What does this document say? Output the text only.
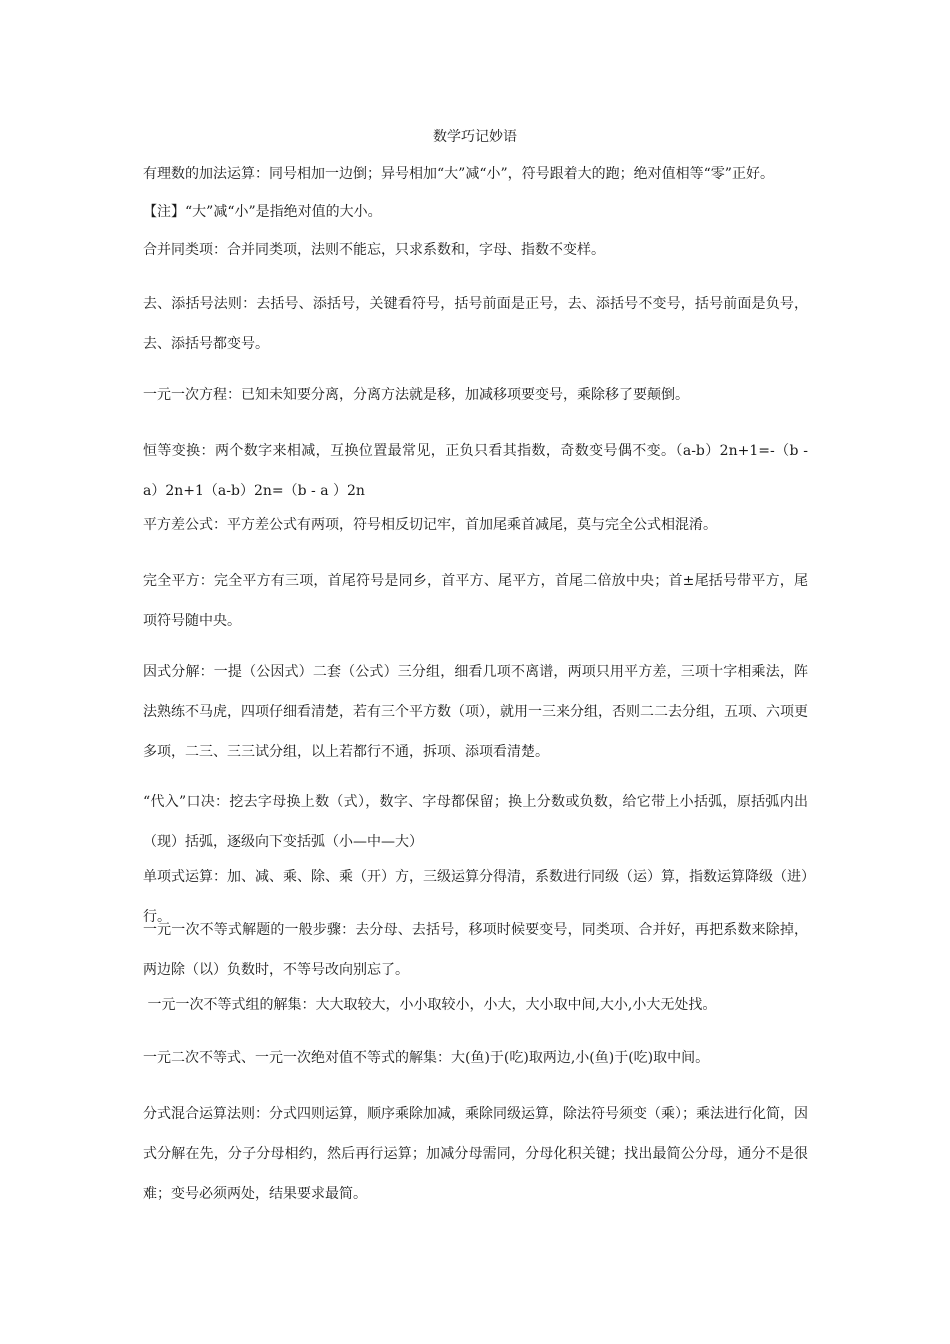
数学巧记妙语
有理数的加法运算：同号相加一边倒；异号相加“大”减“小”，符号跟着大的跑；绝对值相等“零”正好。
【注】“大”减“小”是指绝对值的大小。
合并同类项：合并同类项，法则不能忘，只求系数和，字母、指数不变样。
去、添括号法则：去括号、添括号，关键看符号，括号前面是正号，去、添括号不变号，括号前面是负号，去、添括号都变号。
一元一次方程：已知未知要分离，分离方法就是移，加减移项要变号，乘除移了要颠倒。
恒等变换：两个数字来相减，互换位置最常见，正负只看其指数，奇数变号偶不变。（a-b）2n+1=-（b - a）2n+1（a-b）2n=（b - a ）2n
平方差公式：平方差公式有两项，符号相反切记牢，首加尾乘首减尾，莫与完全公式相混淆。
完全平方：完全平方有三项，首尾符号是同乡，首平方、尾平方，首尾二倍放中央；首±尾括号带平方，尾项符号随中央。
因式分解：一提（公因式）二套（公式）三分组，细看几项不离谱，两项只用平方差，三项十字相乘法，阵法熟练不马虎，四项仔细看清楚，若有三个平方数（项），就用一三来分组，否则二二去分组，五项、六项更多项，二三、三三试分组，以上若都行不通，拆项、添项看清楚。
“代入”口决：挖去字母换上数（式），数字、字母都保留；换上分数或负数，给它带上小括弧，原括弧内出（现）括弧，逐级向下变括弧（小—中—大）
单项式运算：加、减、乘、除、乘（开）方，三级运算分得清，系数进行同级（运）算，指数运算降级（进）行。
一元一次不等式解题的一般步骤：去分母、去括号，移项时候要变号，同类项、合并好，再把系数来除掉，两边除（以）负数时，不等号改向别忘了。
一元一次不等式组的解集：大大取较大，小小取较小，小大，大小取中间,大小,小大无处找。
一元二次不等式、一元一次绝对值不等式的解集：大(鱼)于(吃)取两边,小(鱼)于(吃)取中间。
分式混合运算法则：分式四则运算，顺序乘除加减，乘除同级运算，除法符号须变（乘）；乘法进行化简，因式分解在先，分子分母相约，然后再行运算；加减分母需同，分母化积关键；找出最简公分母，通分不是很难；变号必须两处，结果要求最简。
